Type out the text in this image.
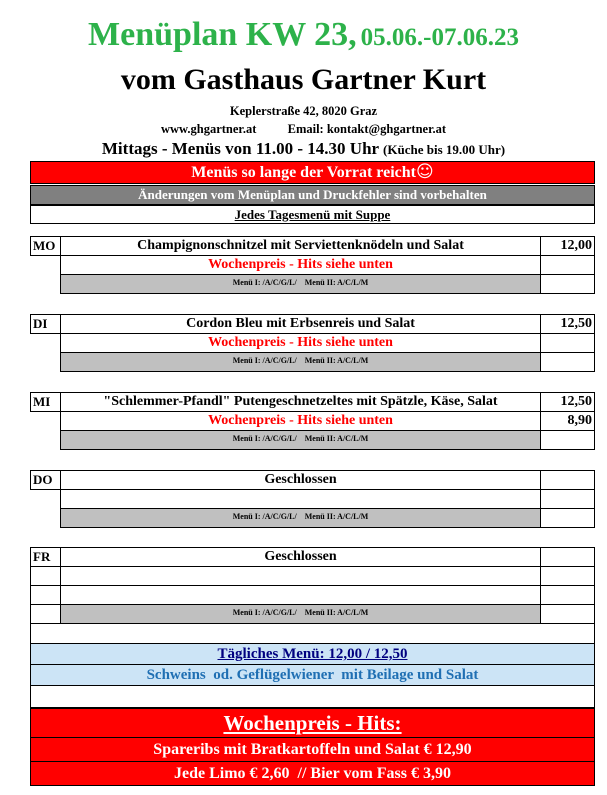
Menüplan KW 23, 05.06.-07.06.23
vom Gasthaus Gartner Kurt
Keplerstraße 42, 8020 Graz
www.ghgartner.at	Email: kontakt@ghgartner.at
Mittags - Menüs von 11.00 - 14.30 Uhr (Küche bis 19.00 Uhr)
Menüs so lange der Vorrat reicht☺
Änderungen vom Menüplan und Druckfehler sind vorbehalten
Jedes Tagesmenü mit Suppe
MO	Champignonschnitzel mit Serviettenknödeln und Salat	12,00
Wochenpreis - Hits siehe unten
Menü I: /A/C/G/L/    Menü II: A/C/L/M
DI	Cordon Bleu mit Erbsenreis und Salat	12,50
Wochenpreis - Hits siehe unten
Menü I: /A/C/G/L/    Menü II: A/C/L/M
MI	"Schlemmer-Pfandl" Putengeschnetzeltes mit Spätzle, Käse, Salat	12,50
Wochenpreis - Hits siehe unten	8,90
Menü I: /A/C/G/L/    Menü II: A/C/L/M
DO	Geschlossen
Menü I: /A/C/G/L/    Menü II: A/C/L/M
FR	Geschlossen
Menü I: /A/C/G/L/    Menü II: A/C/L/M
Tägliches Menü: 12,00 / 12,50
Schweins  od. Geflügelwiener  mit Beilage und Salat
Wochenpreis - Hits:
Spareribs mit Bratkartoffeln und Salat € 12,90
Jede Limo € 2,60  // Bier vom Fass € 3,90
